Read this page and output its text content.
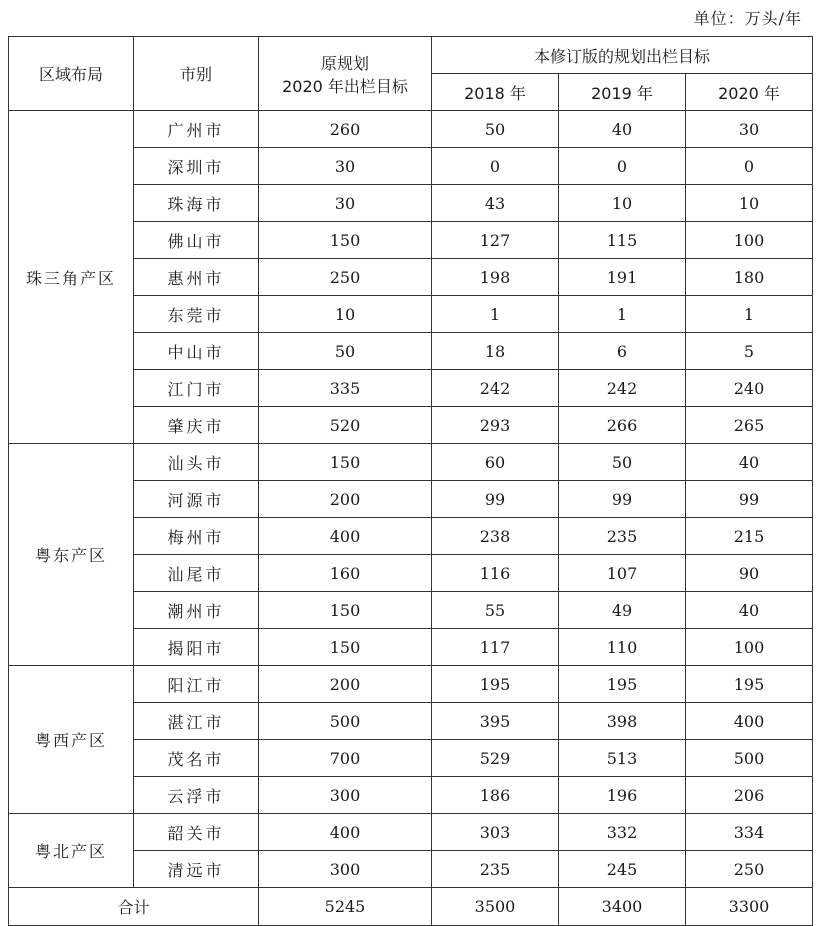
单位：万头/年
区域布局	市别	原规划
2020 年出栏目标	本修订版的规划出栏目标		
			2018 年	2019 年	2020 年
珠三角产区	广州市	260	50	40	30
	深圳市	30	0	0	0
	珠海市	30	43	10	10
	佛山市	150	127	115	100
	惠州市	250	198	191	180
	东莞市	10	1	1	1
	中山市	50	18	6	5
	江门市	335	242	242	240
	肇庆市	520	293	266	265
粤东产区	汕头市	150	60	50	40
	河源市	200	99	99	99
	梅州市	400	238	235	215
	汕尾市	160	116	107	90
	潮州市	150	55	49	40
	揭阳市	150	117	110	100
粤西产区	阳江市	200	195	195	195
	湛江市	500	395	398	400
	茂名市	700	529	513	500
	云浮市	300	186	196	206
粤北产区	韶关市	400	303	332	334
	清远市	300	235	245	250
合计		5245	3500	3400	3300
